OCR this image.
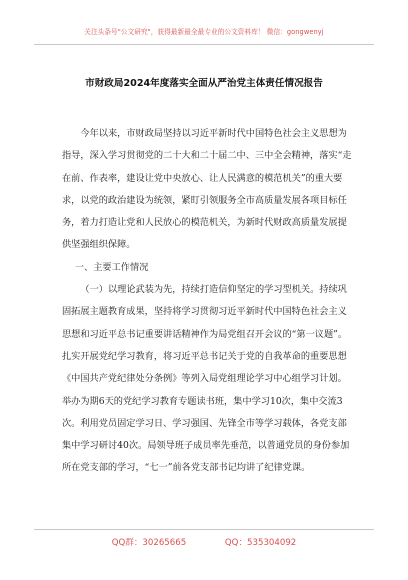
关注头条号"公文研究"，获得最新最全最专业的公文资料库！ 微信：gongwenyj
市财政局2024年度落实全面从严治党主体责任情况报告

今年以来，市财政局坚持以习近平新时代中国特色社会主义思想为指导，深入学习贯彻党的二十大和二十届二中、三中全会精神，落实“走在前、作表率，建设让党中央放心、让人民满意的模范机关”的重大要求，以党的政治建设为统领，紧盯引领服务全市高质量发展各项目标任务，着力打造让党和人民放心的模范机关，为新时代财政高质量发展提供坚强组织保障。

一、主要工作情况

（一）以理论武装为先，持续打造信仰坚定的学习型机关。持续巩固拓展主题教育成果，坚持将学习贯彻习近平新时代中国特色社会主义思想和习近平总书记重要讲话精神作为局党组召开会议的“第一议题”。扎实开展党纪学习教育，将习近平总书记关于党的自我革命的重要思想《中国共产党纪律处分条例》等列入局党组理论学习中心组学习计划。举办为期6天的党纪学习教育专题读书班，集中学习10次，集中交流3次。利用党员固定学习日、学习强国、先锋全市等学习载体，各党支部集中学习研讨40次。局领导班子成员率先垂范，以普通党员的身份参加所在党支部的学习，“七一”前各党支部书记均讲了纪律党课。

QQ群：30265665	QQ：535304092
